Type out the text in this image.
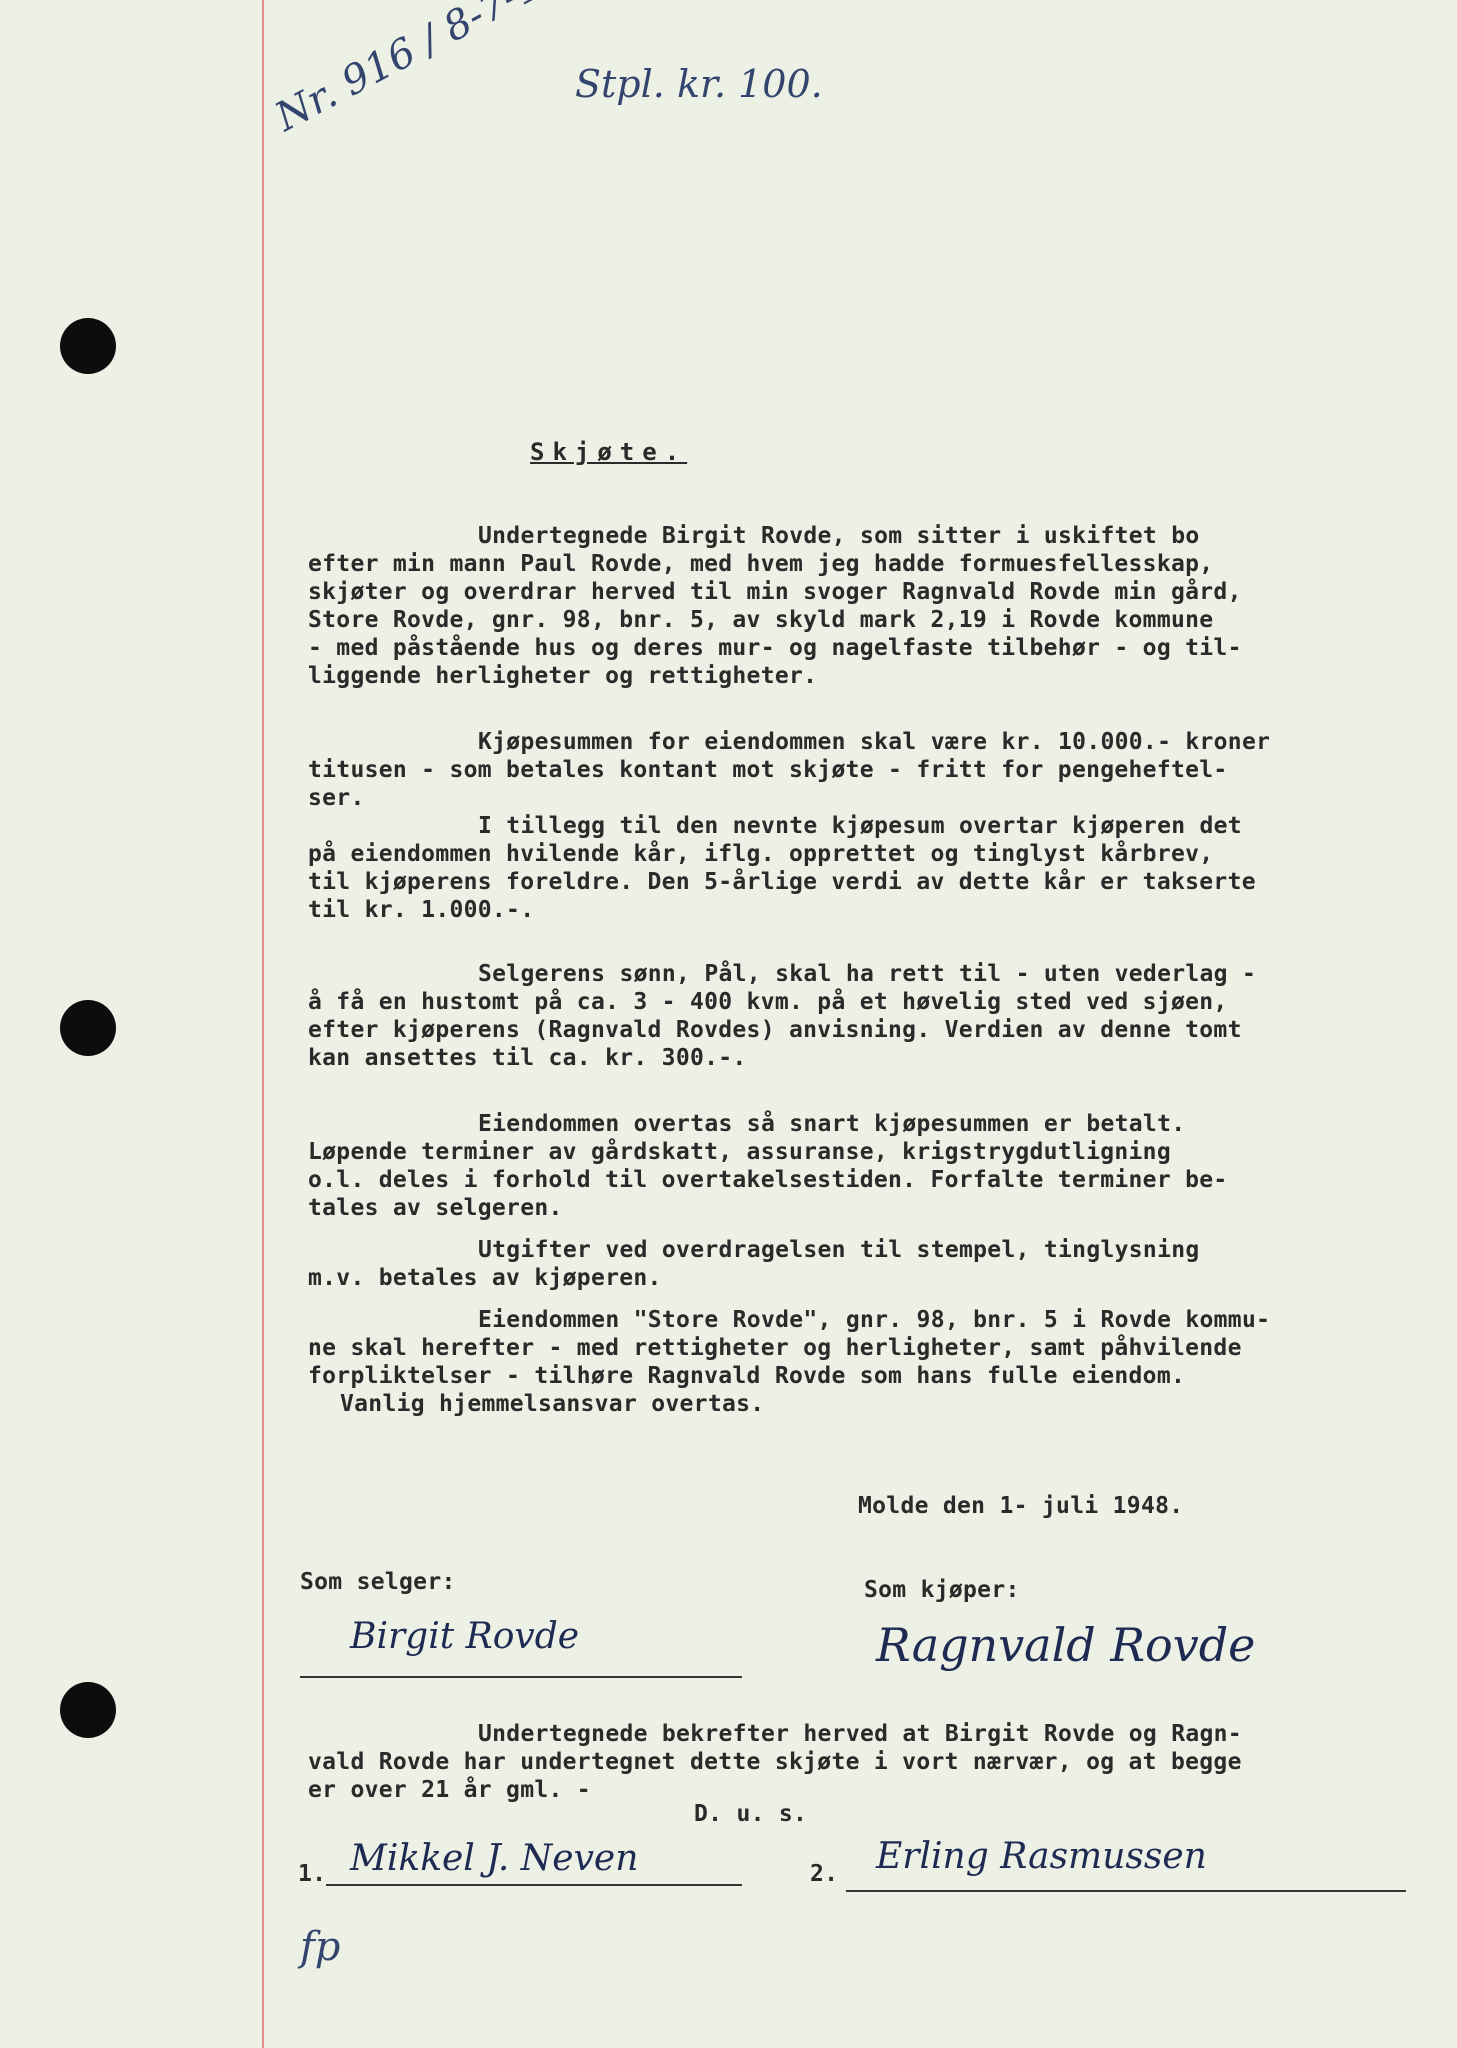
Stpl. kr. 100.
Skjøte.
Undertegnede Birgit Rovde, som sitter i uskiftet bo
efter min mann Paul Rovde, med hvem jeg hadde formuesfellesskap,
skjøter og overdrar herved til min svoger Ragnvald Rovde min gård,
Store Rovde, gnr. 98, bnr. 5, av skyld mark 2,19 i Rovde kommune
- med påstående hus og deres mur- og nagelfaste tilbehør - og til-
liggende herligheter og rettigheter.
Kjøpesummen for eiendommen skal være kr. 10.000.- kroner
titusen - som betales kontant mot skjøte - fritt for pengeheftel-
ser.
I tillegg til den nevnte kjøpesum overtar kjøperen det
på eiendommen hvilende kår, iflg. opprettet og tinglyst kårbrev,
til kjøperens foreldre. Den 5-årlige verdi av dette kår er takserte
til kr. 1.000.-.
Selgerens sønn, Pål, skal ha rett til - uten vederlag -
å få en hustomt på ca. 3 - 400 kvm. på et høvelig sted ved sjøen,
efter kjøperens (Ragnvald Rovdes) anvisning. Verdien av denne tomt
kan ansettes til ca. kr. 300.-.
Eiendommen overtas så snart kjøpesummen er betalt.
Løpende terminer av gårdskatt, assuranse, krigstrygdutligning
o.l. deles i forhold til overtakelsestiden. Forfalte terminer be-
tales av selgeren.
Utgifter ved overdragelsen til stempel, tinglysning
m.v. betales av kjøperen.
Eiendommen "Store Rovde", gnr. 98, bnr. 5 i Rovde kommu-
ne skal herefter - med rettigheter og herligheter, samt påhvilende
forpliktelser - tilhøre Ragnvald Rovde som hans fulle eiendom.
Vanlig hjemmelsansvar overtas.
Molde den 1- juli 1948.
Som selger:	Som kjøper:
Birgit Rovde	Ragnvald Rovde
Undertegnede bekrefter herved at Birgit Rovde og Ragn-
vald Rovde har undertegnet dette skjøte i vort nærvær, og at begge
er over 21 år gml. -
D. u. s.
1. Mikkel J. Neven	2. Erling Rasmussen
fp
